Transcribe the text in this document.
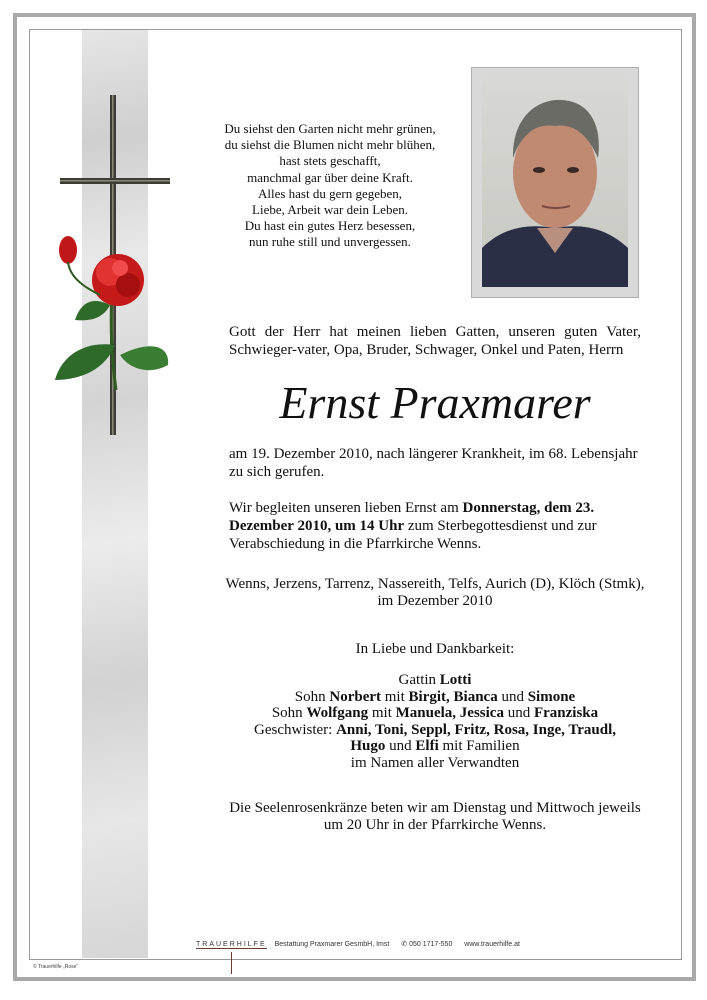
Du siehst den Garten nicht mehr grünen,
du siehst die Blumen nicht mehr blühen,
hast stets geschafft,
manchmal gar über deine Kraft.
Alles hast du gern gegeben,
Liebe, Arbeit war dein Leben.
Du hast ein gutes Herz besessen,
nun ruhe still und unvergessen.
Gott der Herr hat meinen lieben Gatten, unseren guten Vater, Schwieger-vater, Opa, Bruder, Schwager, Onkel und Paten, Herrn
Ernst Praxmarer
am 19. Dezember 2010, nach längerer Krankheit, im 68. Lebensjahr zu sich gerufen.
Wir begleiten unseren lieben Ernst am Donnerstag, dem 23. Dezember 2010, um 14 Uhr zum Sterbegottesdienst und zur Verabschiedung in die Pfarrkirche Wenns.
Wenns, Jerzens, Tarrenz, Nassereith, Telfs, Aurich (D), Klöch (Stmk),
im Dezember 2010
In Liebe und Dankbarkeit:
Gattin Lotti
Sohn Norbert mit Birgit, Bianca und Simone
Sohn Wolfgang mit Manuela, Jessica und Franziska
Geschwister: Anni, Toni, Seppl, Fritz, Rosa, Inge, Traudl,
Hugo und Elfi mit Familien
im Namen aller Verwandten
Die Seelenrosenkränze beten wir am Dienstag und Mittwoch jeweils
um 20 Uhr in der Pfarrkirche Wenns.
TRAUERHILFE Bestattung Praxmarer GesmbH, Imst ✆ 050 1717-550 www.trauerhilfe.at
© Trauerhilfe „Rose“
